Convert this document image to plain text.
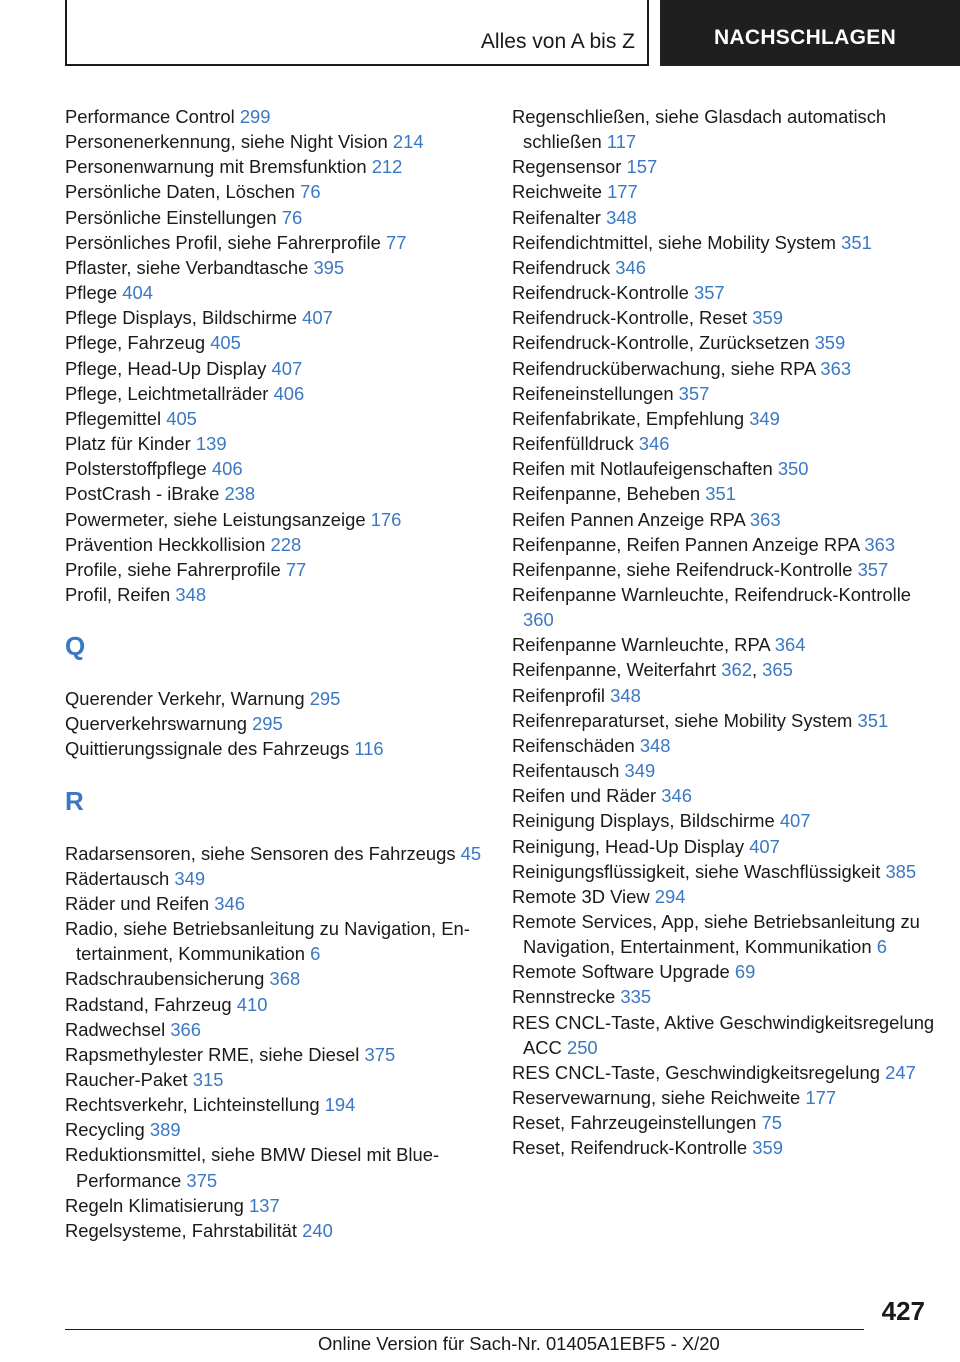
Alles von A bis Z	NACHSCHLAGEN
Performance Control 299
Personenerkennung, siehe Night Vision 214
Personenwarnung mit Bremsfunktion 212
Persönliche Daten, Löschen 76
Persönliche Einstellungen 76
Persönliches Profil, siehe Fahrerprofile 77
Pflaster, siehe Verbandtasche 395
Pflege 404
Pflege Displays, Bildschirme 407
Pflege, Fahrzeug 405
Pflege, Head-Up Display 407
Pflege, Leichtmetallräder 406
Pflegemittel 405
Platz für Kinder 139
Polsterstoffpflege 406
PostCrash - iBrake 238
Powermeter, siehe Leistungsanzeige 176
Prävention Heckkollision 228
Profile, siehe Fahrerprofile 77
Profil, Reifen 348
Q
Querender Verkehr, Warnung 295
Querverkehrswarnung 295
Quittierungssignale des Fahrzeugs 116
R
Radarsensoren, siehe Sensoren des Fahrzeugs 45
Rädertausch 349
Räder und Reifen 346
Radio, siehe Betriebsanleitung zu Navigation, Entertainment, Kommunikation 6
Radschraubensicherung 368
Radstand, Fahrzeug 410
Radwechsel 366
Rapsmethylester RME, siehe Diesel 375
Raucher-Paket 315
Rechtsverkehr, Lichteinstellung 194
Recycling 389
Reduktionsmittel, siehe BMW Diesel mit BluePerformance 375
Regeln Klimatisierung 137
Regelsysteme, Fahrstabilität 240
Regenschließen, siehe Glasdach automatisch schließen 117
Regensensor 157
Reichweite 177
Reifenalter 348
Reifendichtmittel, siehe Mobility System 351
Reifendruck 346
Reifendruck-Kontrolle 357
Reifendruck-Kontrolle, Reset 359
Reifendruck-Kontrolle, Zurücksetzen 359
Reifendrucküberwachung, siehe RPA 363
Reifeneinstellungen 357
Reifenfabrikate, Empfehlung 349
Reifenfülldruck 346
Reifen mit Notlaufeigenschaften 350
Reifenpanne, Beheben 351
Reifen Pannen Anzeige RPA 363
Reifenpanne, Reifen Pannen Anzeige RPA 363
Reifenpanne, siehe Reifendruck-Kontrolle 357
Reifenpanne Warnleuchte, Reifendruck-Kontrolle 360
Reifenpanne Warnleuchte, RPA 364
Reifenpanne, Weiterfahrt 362, 365
Reifenprofil 348
Reifenreparaturset, siehe Mobility System 351
Reifenschäden 348
Reifentausch 349
Reifen und Räder 346
Reinigung Displays, Bildschirme 407
Reinigung, Head-Up Display 407
Reinigungsflüssigkeit, siehe Waschflüssigkeit 385
Remote 3D View 294
Remote Services, App, siehe Betriebsanleitung zu Navigation, Entertainment, Kommunikation 6
Remote Software Upgrade 69
Rennstrecke 335
RES CNCL-Taste, Aktive Geschwindigkeitsregelung ACC 250
RES CNCL-Taste, Geschwindigkeitsregelung 247
Reservewarnung, siehe Reichweite 177
Reset, Fahrzeugeinstellungen 75
Reset, Reifendruck-Kontrolle 359
427
Online Version für Sach-Nr. 01405A1EBF5 - X/20
